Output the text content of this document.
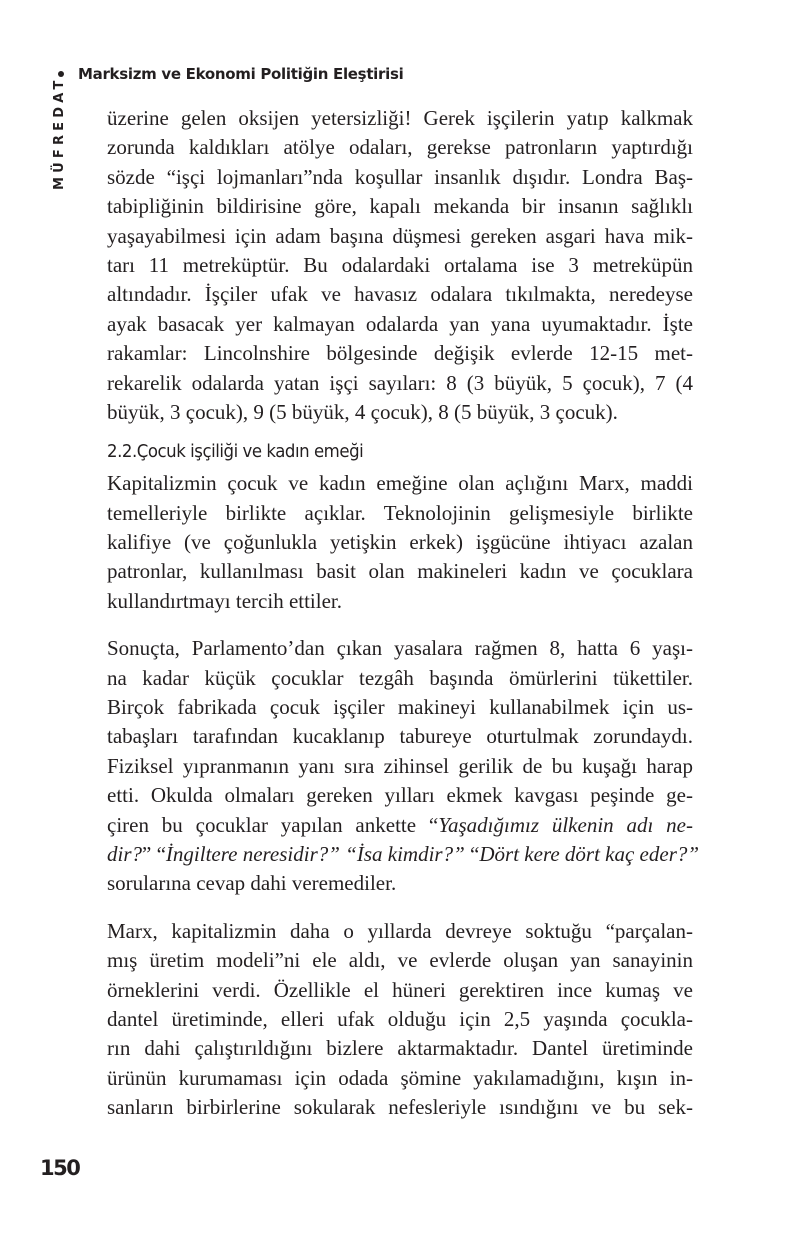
Marksizm ve Ekonomi Politiğin Eleştirisi
MÜFREDAT üzerine gelen oksijen yetersizliği! Gerek işçilerin yatıp kalkmak
zorunda kaldıkları atölye odaları, gerekse patronların yaptırdığı
sözde “işçi lojmanları”nda koşullar insanlık dışıdır. Londra Baş-
tabipliğinin bildirisine göre, kapalı mekanda bir insanın sağlıklı
yaşayabilmesi için adam başına düşmesi gereken asgari hava mik-
tarı 11 metreküptür. Bu odalardaki ortalama ise 3 metreküpün
altındadır. İşçiler ufak ve havasız odalara tıkılmakta, neredeyse
ayak basacak yer kalmayan odalarda yan yana uyumaktadır. İşte
rakamlar: Lincolnshire bölgesinde değişik evlerde 12-15 met-
rekarelik odalarda yatan işçi sayıları: 8 (3 büyük, 5 çocuk), 7 (4
büyük, 3 çocuk), 9 (5 büyük, 4 çocuk), 8 (5 büyük, 3 çocuk).
2.2.Çocuk işçiliği ve kadın emeği
Kapitalizmin çocuk ve kadın emeğine olan açlığını Marx, maddi
temelleriyle birlikte açıklar. Teknolojinin gelişmesiyle birlikte
kalifiye (ve çoğunlukla yetişkin erkek) işgücüne ihtiyacı azalan
patronlar, kullanılması basit olan makineleri kadın ve çocuklara
kullandırtmayı tercih ettiler.
Sonuçta, Parlamento’dan çıkan yasalara rağmen 8, hatta 6 yaşı-
na kadar küçük çocuklar tezgâh başında ömürlerini tükettiler.
Birçok fabrikada çocuk işçiler makineyi kullanabilmek için us-
tabaşları tarafından kucaklanıp tabureye oturtulmak zorundaydı.
Fiziksel yıpranmanın yanı sıra zihinsel gerilik de bu kuşağı harap
etti. Okulda olmaları gereken yılları ekmek kavgası peşinde ge-
çiren bu çocuklar yapılan ankette “Yaşadığımız ülkenin adı ne-
dir?” “İngiltere neresidir?” “İsa kimdir?” “Dört kere dört kaç eder?”
sorularına cevap dahi veremediler.
Marx, kapitalizmin daha o yıllarda devreye soktuğu “parçalan-
mış üretim modeli”ni ele aldı, ve evlerde oluşan yan sanayinin
örneklerini verdi. Özellikle el hüneri gerektiren ince kumaş ve
dantel üretiminde, elleri ufak olduğu için 2,5 yaşında çocukla-
rın dahi çalıştırıldığını bizlere aktarmaktadır. Dantel üretiminde
ürünün kurumaması için odada şömine yakılamadığını, kışın in-
sanların birbirlerine sokularak nefesleriyle ısındığını ve bu sek-
150
